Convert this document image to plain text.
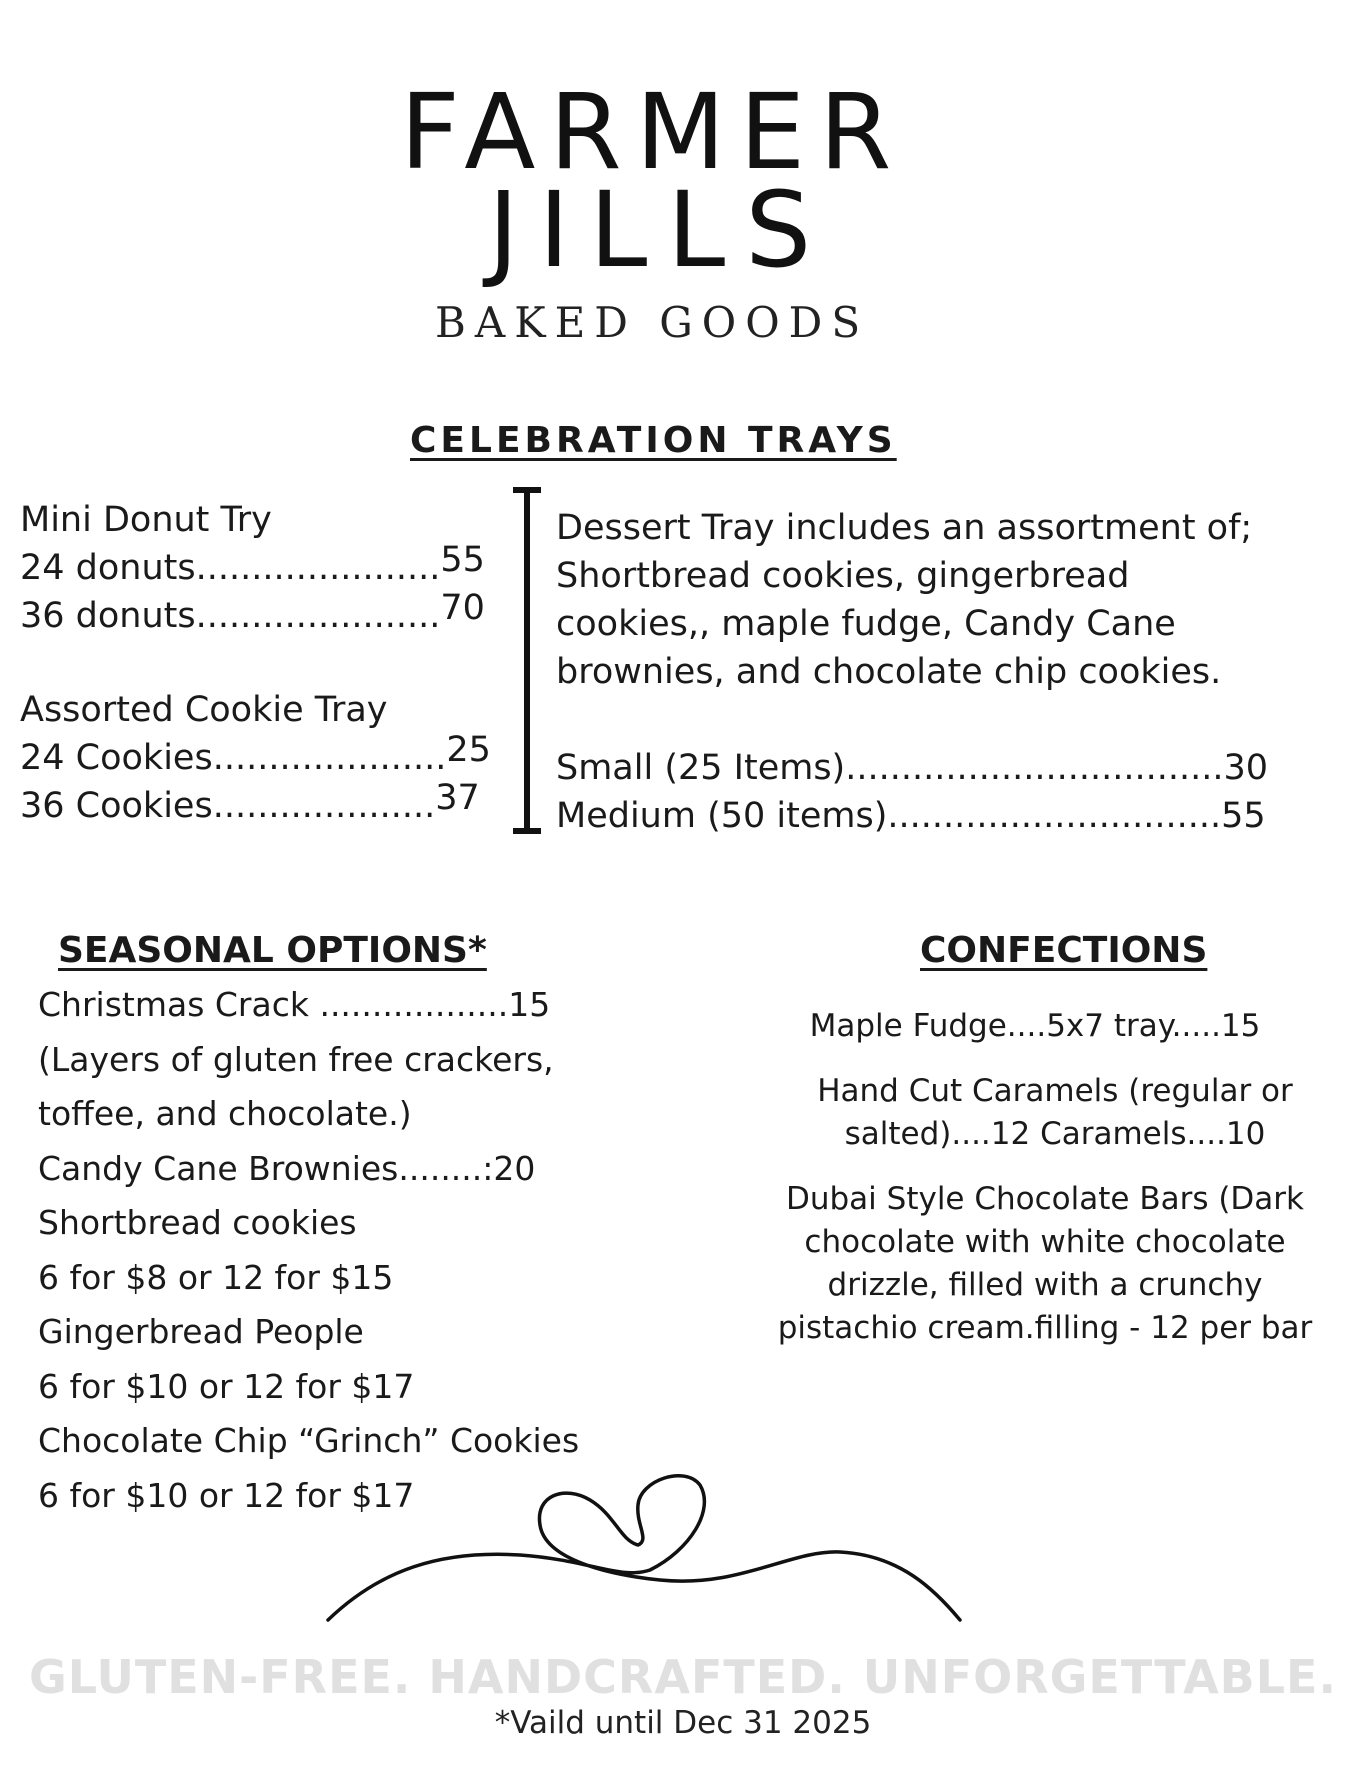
FARMER
JILLS
BAKED GOODS
CELEBRATION TRAYS
Mini Donut Try
24 donuts......................55
36 donuts......................70
Assorted Cookie Tray
24 Cookies.....................25
36 Cookies....................37
Dessert Tray includes an assortment of;
Shortbread cookies, gingerbread
cookies,, maple fudge, Candy Cane
brownies, and chocolate chip cookies.
Small (25 Items)..................................30
Medium (50 items)..............................55
SEASONAL OPTIONS*
Christmas Crack ..................15
(Layers of gluten free crackers,
toffee, and chocolate.)
Candy Cane Brownies........:20
Shortbread cookies
6 for $8 or 12 for $15
Gingerbread People
6 for $10 or 12 for $17
Chocolate Chip “Grinch” Cookies
6 for $10 or 12 for $17
CONFECTIONS
Maple Fudge....5x7 tray.....15
Hand Cut Caramels (regular or salted)....12 Caramels....10
Dubai Style Chocolate Bars (Dark chocolate with white chocolate drizzle, filled with a crunchy pistachio cream.filling - 12 per bar
GLUTEN-FREE. HANDCRAFTED. UNFORGETTABLE.
*Vaild until Dec 31 2025
